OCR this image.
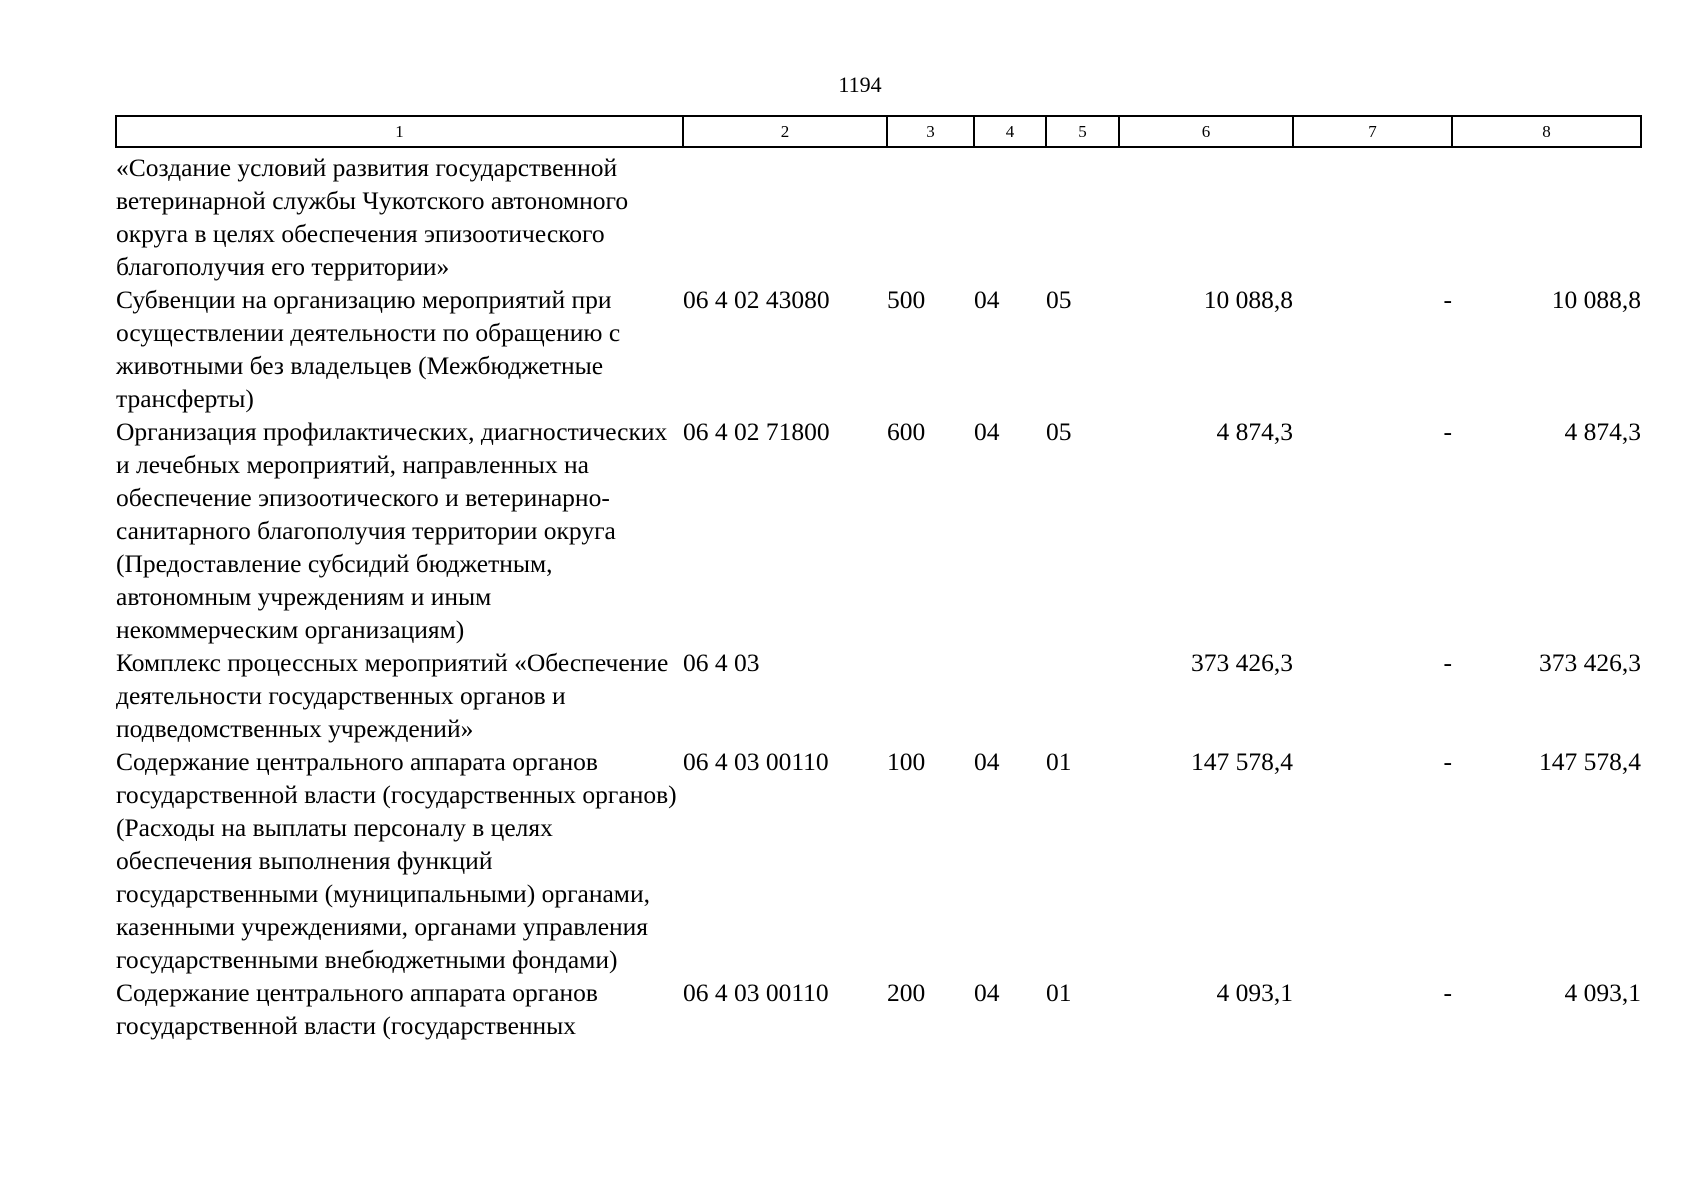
1194
1	2	3	4	5	6	7	8
«Создание условий развития государственной ветеринарной службы Чукотского автономного округа в целях обеспечения эпизоотического благополучия его территории»							
Субвенции на организацию мероприятий при осуществлении деятельности по обращению с животными без владельцев (Межбюджетные трансферты)	06 4 02 43080	500	04	05	10 088,8	-	10 088,8
Организация профилактических, диагностических и лечебных мероприятий, направленных на обеспечение эпизоотического и ветеринарно-санитарного благополучия территории округа (Предоставление субсидий бюджетным, автономным учреждениям и иным некоммерческим организациям)	06 4 02 71800	600	04	05	4 874,3	-	4 874,3
Комплекс процессных мероприятий «Обеспечение деятельности государственных органов и подведомственных учреждений»	06 4 03				373 426,3	-	373 426,3
Содержание центрального аппарата органов государственной власти (государственных органов) (Расходы на выплаты персоналу в целях обеспечения выполнения функций государственными (муниципальными) органами, казенными учреждениями, органами управления государственными внебюджетными фондами)	06 4 03 00110	100	04	01	147 578,4	-	147 578,4
Содержание центрального аппарата органов государственной власти (государственных	06 4 03 00110	200	04	01	4 093,1	-	4 093,1
